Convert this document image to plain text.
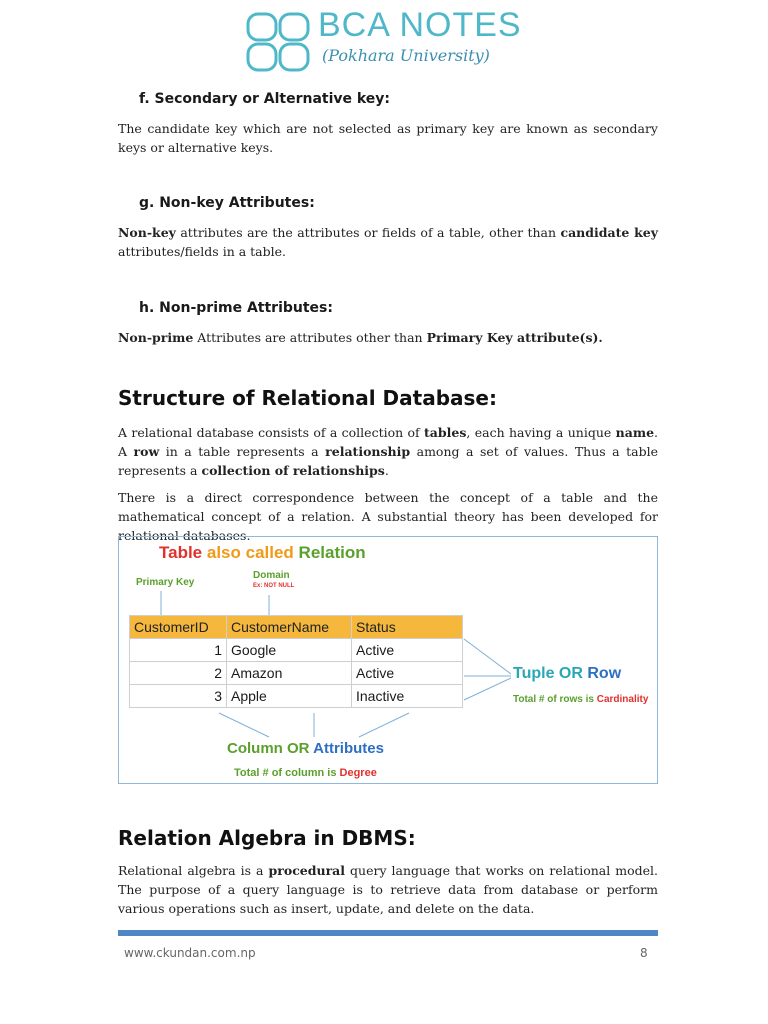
BCA NOTES
(Pokhara University)
f. Secondary or Alternative key:

The candidate key which are not selected as primary key are known as secondary keys or alternative keys.

g. Non-key Attributes:

Non-key attributes are the attributes or fields of a table, other than candidate key attributes/fields in a table.

h. Non-prime Attributes:

Non-prime Attributes are attributes other than Primary Key attribute(s).

Structure of Relational Database:

A relational database consists of a collection of tables, each having a unique name. A row in a table represents a relationship among a set of values. Thus a table represents a collection of relationships.

There is a direct correspondence between the concept of a table and the mathematical concept of a relation. A substantial theory has been developed for relational databases.

Table also called Relation
Primary Key
Domain
Ex: NOT NULL
CustomerID	CustomerName	Status
1	Google	Active
2	Amazon	Active
3	Apple	Inactive
Tuple OR Row
Total # of rows is Cardinality
Column OR Attributes
Total # of column is Degree
Relation Algebra in DBMS:

Relational algebra is a procedural query language that works on relational model. The purpose of a query language is to retrieve data from database or perform various operations such as insert, update, and delete on the data.

www.ckundan.com.np	8
